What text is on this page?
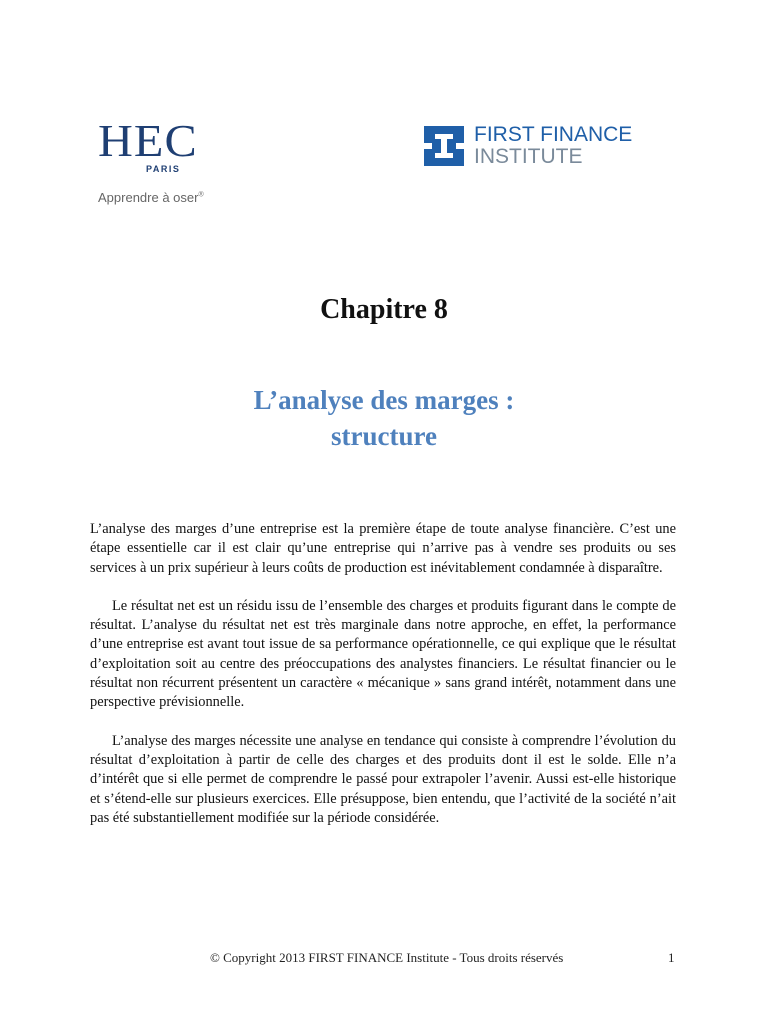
HEC
PARIS
Apprendre à oser®
FIRST FINANCE
INSTITUTE
Chapitre 8
L’analyse des marges :
structure

L’analyse des marges d’une entreprise est la première étape de toute analyse financière. C’est une étape essentielle car il est clair qu’une entreprise qui n’arrive pas à vendre ses produits ou ses services à un prix supérieur à leurs coûts de production est inévitablement condamnée à disparaître.

Le résultat net est un résidu issu de l’ensemble des charges et produits figurant dans le compte de résultat. L’analyse du résultat net est très marginale dans notre approche, en effet, la performance d’une entreprise est avant tout issue de sa performance opérationnelle, ce qui explique que le résultat d’exploitation soit au centre des préoccupations des analystes financiers. Le résultat financier ou le résultat non récurrent présentent un caractère « mécanique » sans grand intérêt, notamment dans une perspective prévisionnelle.

L’analyse des marges nécessite une analyse en tendance qui consiste à comprendre l’évolution du résultat d’exploitation à partir de celle des charges et des produits dont il est le solde. Elle n’a d’intérêt que si elle permet de comprendre le passé pour extrapoler l’avenir. Aussi est-elle historique et s’étend-elle sur plusieurs exercices. Elle présuppose, bien entendu, que l’activité de la société n’ait pas été substantiellement modifiée sur la période considérée.

© Copyright 2013 FIRST FINANCE Institute - Tous droits réservés	1
